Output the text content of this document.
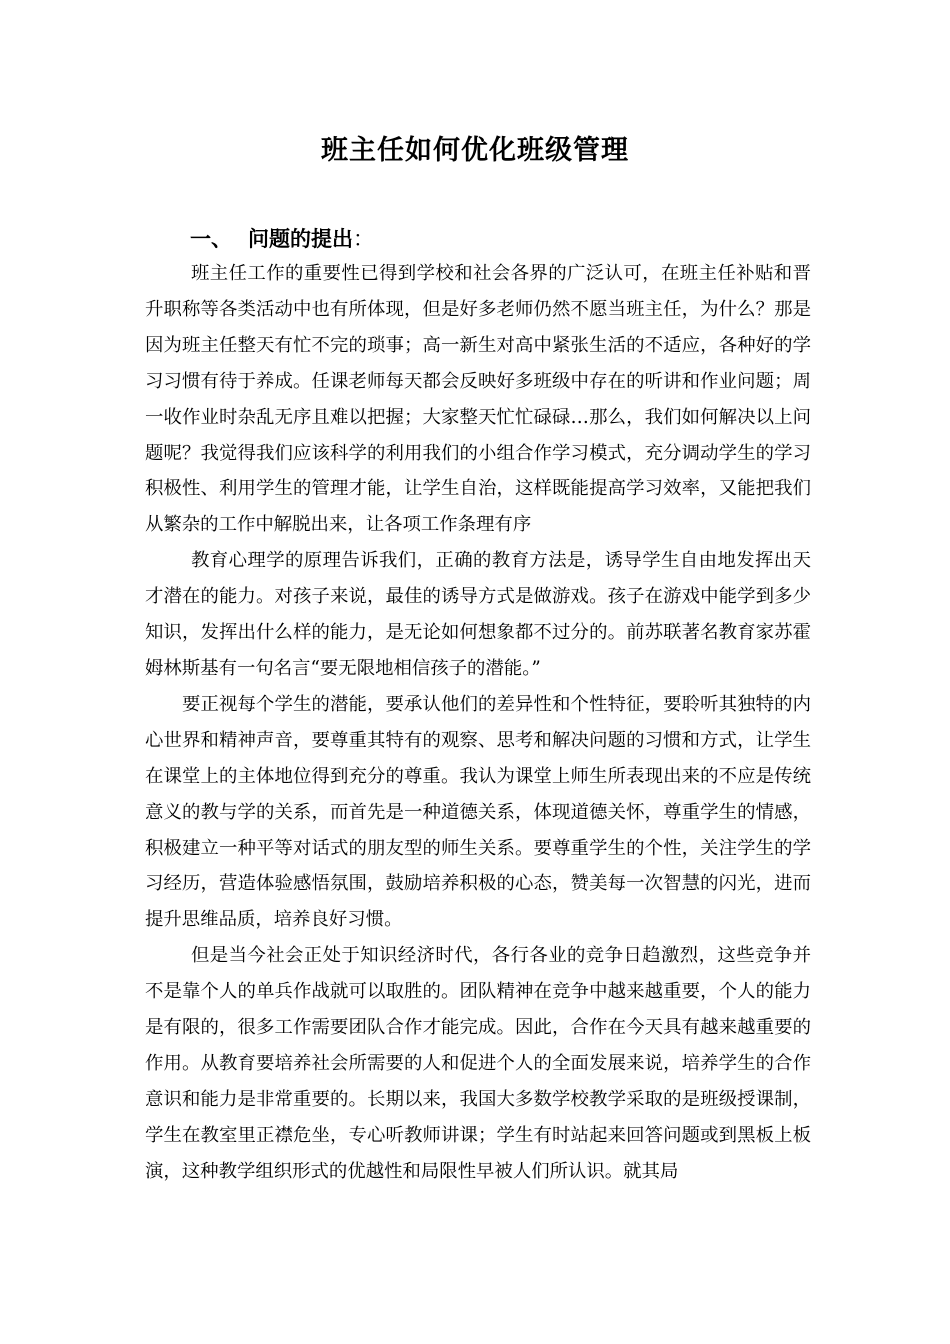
班主任如何优化班级管理
一、 问题的提出：

班主任工作的重要性已得到学校和社会各界的广泛认可，在班主任补贴和晋升职称等各类活动中也有所体现，但是好多老师仍然不愿当班主任，为什么？那是因为班主任整天有忙不完的琐事；高一新生对高中紧张生活的不适应，各种好的学习习惯有待于养成。任课老师每天都会反映好多班级中存在的听讲和作业问题；周一收作业时杂乱无序且难以把握；大家整天忙忙碌碌…那么，我们如何解决以上问题呢？我觉得我们应该科学的利用我们的小组合作学习模式，充分调动学生的学习积极性、利用学生的管理才能，让学生自治，这样既能提高学习效率，又能把我们从繁杂的工作中解脱出来，让各项工作条理有序

教育心理学的原理告诉我们，正确的教育方法是，诱导学生自由地发挥出天才潜在的能力。对孩子来说，最佳的诱导方式是做游戏。孩子在游戏中能学到多少知识，发挥出什么样的能力，是无论如何想象都不过分的。前苏联著名教育家苏霍姆林斯基有一句名言“要无限地相信孩子的潜能。”

要正视每个学生的潜能，要承认他们的差异性和个性特征，要聆听其独特的内心世界和精神声音，要尊重其特有的观察、思考和解决问题的习惯和方式，让学生在课堂上的主体地位得到充分的尊重。我认为课堂上师生所表现出来的不应是传统意义的教与学的关系，而首先是一种道德关系，体现道德关怀，尊重学生的情感，积极建立一种平等对话式的朋友型的师生关系。要尊重学生的个性，关注学生的学习经历，营造体验感悟氛围，鼓励培养积极的心态，赞美每一次智慧的闪光，进而提升思维品质，培养良好习惯。

但是当今社会正处于知识经济时代，各行各业的竞争日趋激烈，这些竞争并不是靠个人的单兵作战就可以取胜的。团队精神在竞争中越来越重要，个人的能力是有限的，很多工作需要团队合作才能完成。因此，合作在今天具有越来越重要的作用。从教育要培养社会所需要的人和促进个人的全面发展来说，培养学生的合作意识和能力是非常重要的。长期以来，我国大多数学校教学采取的是班级授课制，学生在教室里正襟危坐，专心听教师讲课；学生有时站起来回答问题或到黑板上板演，这种教学组织形式的优越性和局限性早被人们所认识。就其局
